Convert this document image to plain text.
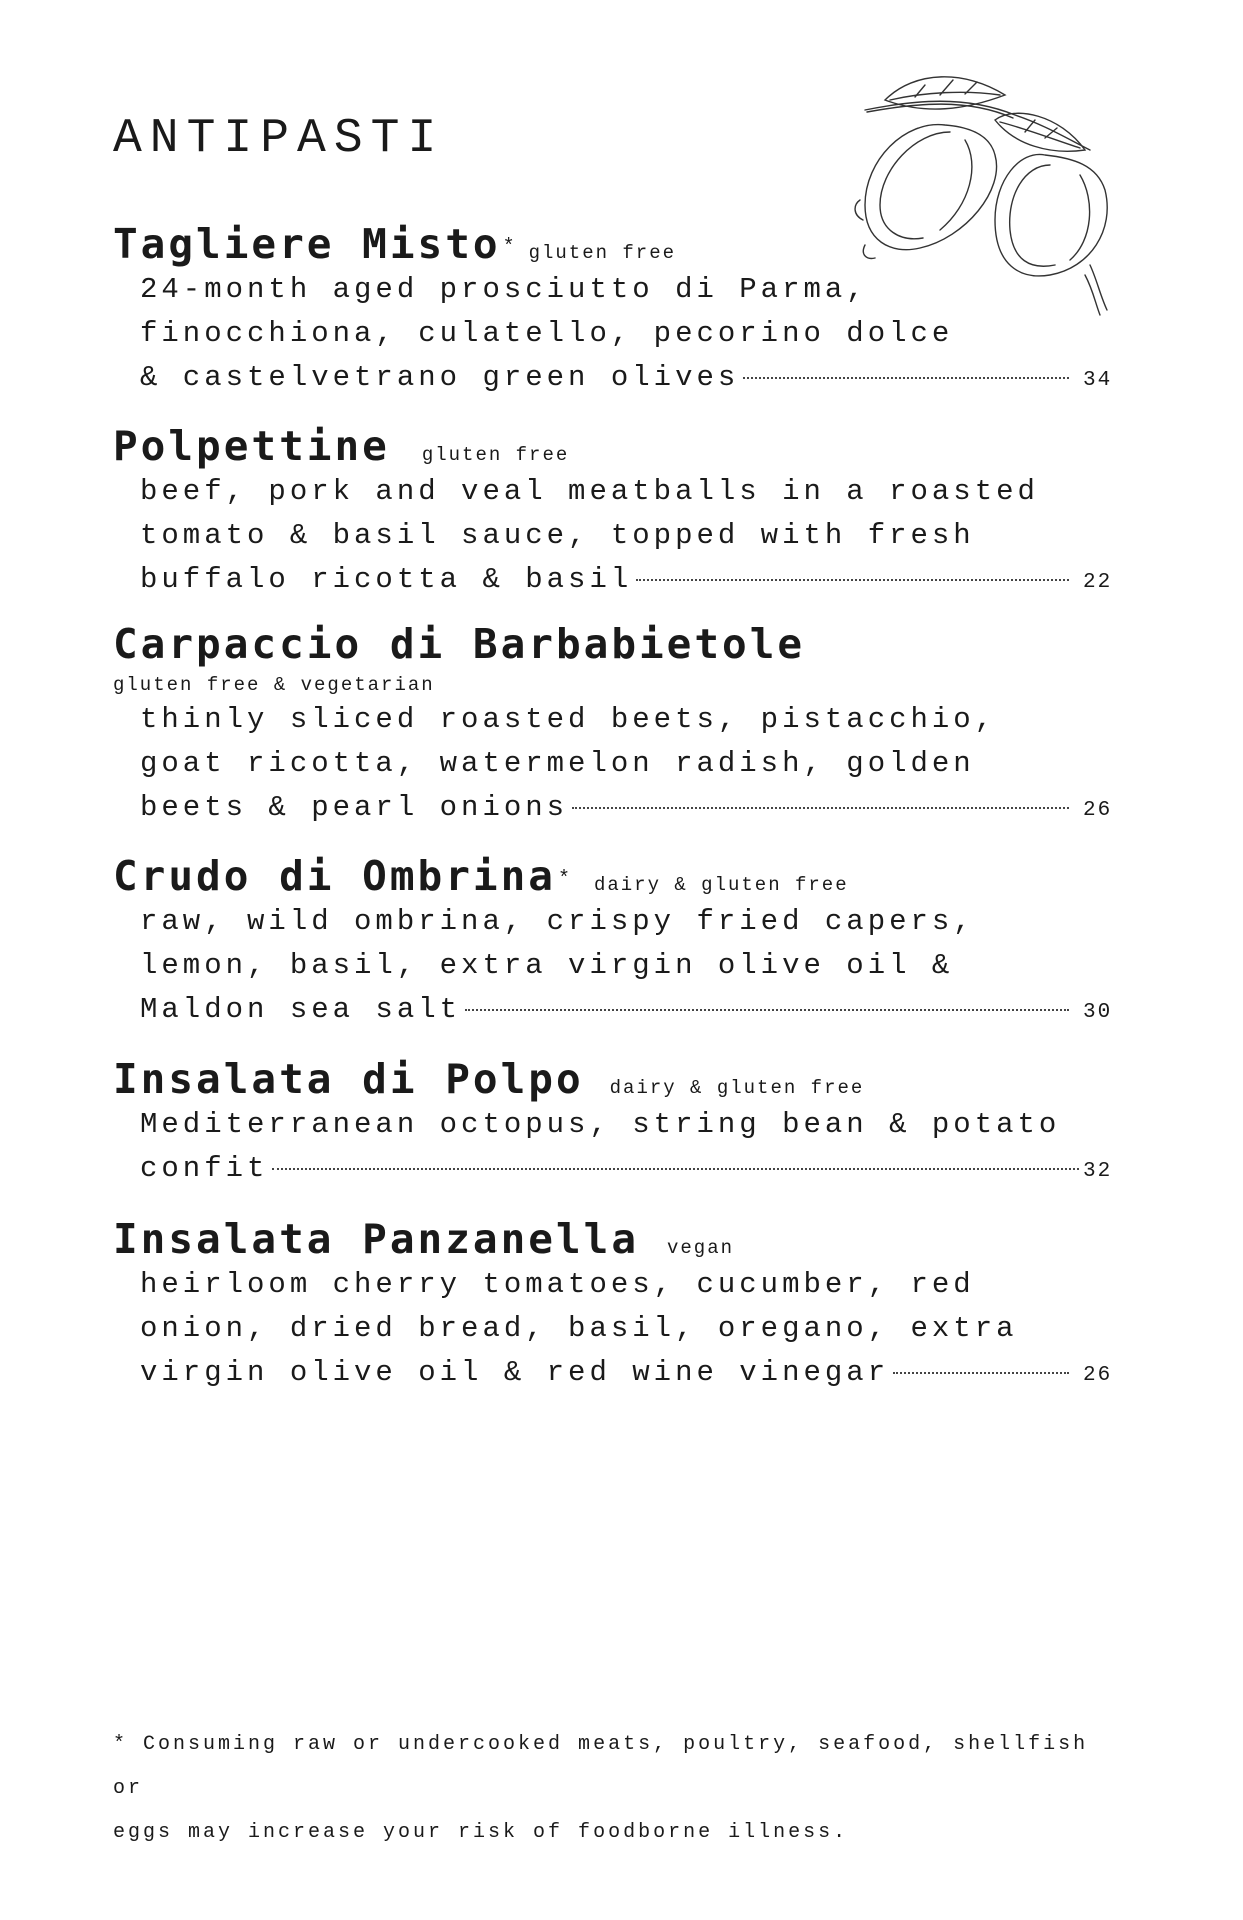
ANTIPASTI
Tagliere Misto * gluten free
24-month aged prosciutto di Parma,
finocchiona, culatello, pecorino dolce
& castelvetrano green olives	34
Polpettine gluten free
beef, pork and veal meatballs in a roasted
tomato & basil sauce, topped with fresh
buffalo ricotta & basil	22
Carpaccio di Barbabietole
gluten free & vegetarian
thinly sliced roasted beets, pistacchio,
goat ricotta, watermelon radish, golden
beets & pearl onions	26
Crudo di Ombrina * dairy & gluten free
raw, wild ombrina, crispy fried capers,
lemon, basil, extra virgin olive oil &
Maldon sea salt	30
Insalata di Polpo dairy & gluten free
Mediterranean octopus, string bean & potato
confit	32
Insalata Panzanella vegan
heirloom cherry tomatoes, cucumber, red
onion, dried bread, basil, oregano, extra
virgin olive oil & red wine vinegar	26
* Consuming raw or undercooked meats, poultry, seafood, shellfish or
eggs may increase your risk of foodborne illness.
